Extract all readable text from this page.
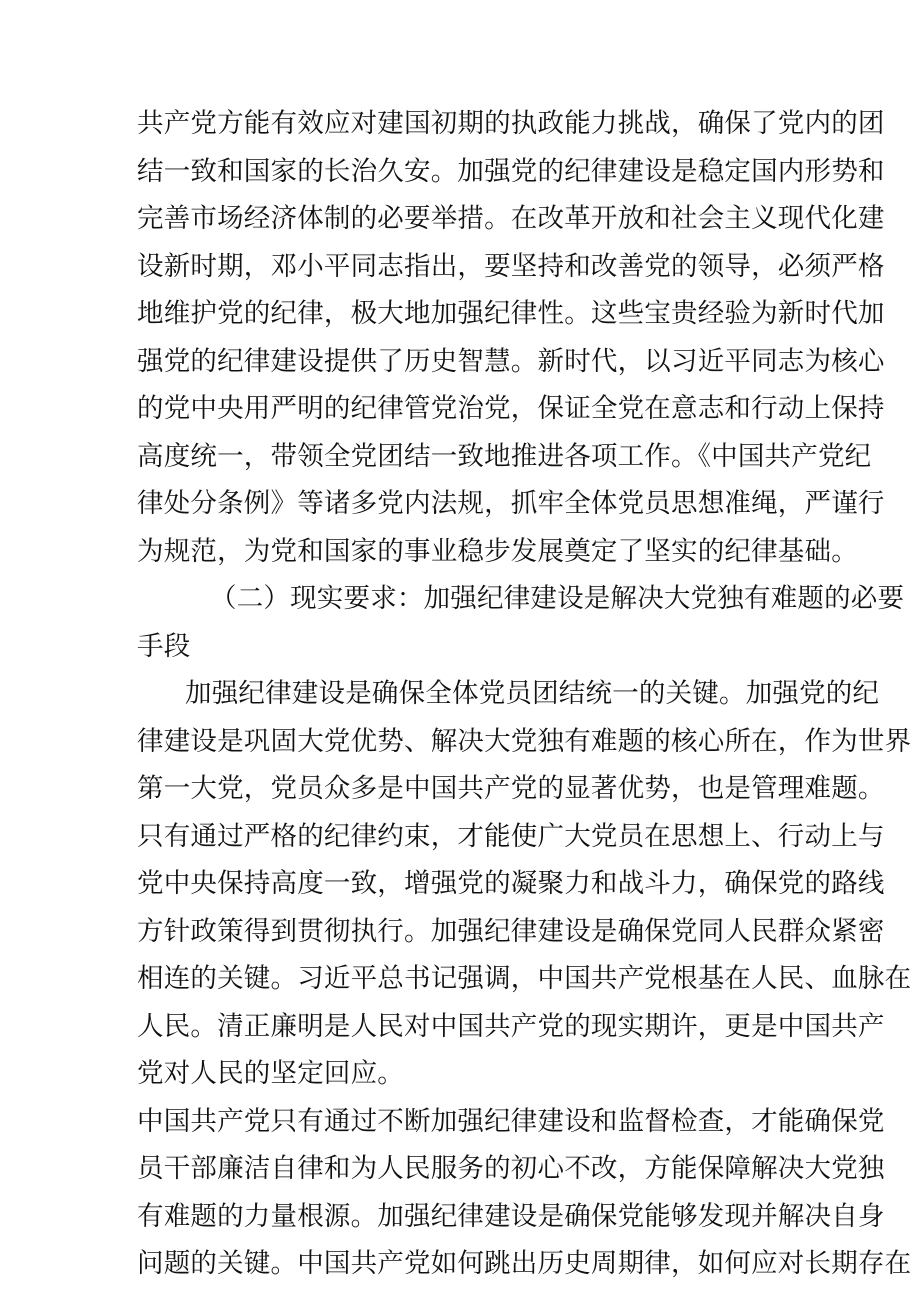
共产党方能有效应对建国初期的执政能力挑战，确保了党内的团
结一致和国家的长治久安。加强党的纪律建设是稳定国内形势和
完善市场经济体制的必要举措。在改革开放和社会主义现代化建
设新时期，邓小平同志指出，要坚持和改善党的领导，必须严格
地维护党的纪律，极大地加强纪律性。这些宝贵经验为新时代加
强党的纪律建设提供了历史智慧。新时代，以习近平同志为核心
的党中央用严明的纪律管党治党，保证全党在意志和行动上保持
高度统一，带领全党团结一致地推进各项工作。《中国共产党纪
律处分条例》等诸多党内法规，抓牢全体党员思想准绳，严谨行
为规范，为党和国家的事业稳步发展奠定了坚实的纪律基础。
（二）现实要求：加强纪律建设是解决大党独有难题的必要
手段
加强纪律建设是确保全体党员团结统一的关键。加强党的纪
律建设是巩固大党优势、解决大党独有难题的核心所在，作为世界
第一大党，党员众多是中国共产党的显著优势，也是管理难题。
只有通过严格的纪律约束，才能使广大党员在思想上、行动上与
党中央保持高度一致，增强党的凝聚力和战斗力，确保党的路线
方针政策得到贯彻执行。加强纪律建设是确保党同人民群众紧密
相连的关键。习近平总书记强调，中国共产党根基在人民、血脉在
人民。清正廉明是人民对中国共产党的现实期许，更是中国共产
党对人民的坚定回应。
中国共产党只有通过不断加强纪律建设和监督检查，才能确保党
员干部廉洁自律和为人民服务的初心不改，方能保障解决大党独
有难题的力量根源。加强纪律建设是确保党能够发现并解决自身
问题的关键。中国共产党如何跳出历史周期律，如何应对长期存在
